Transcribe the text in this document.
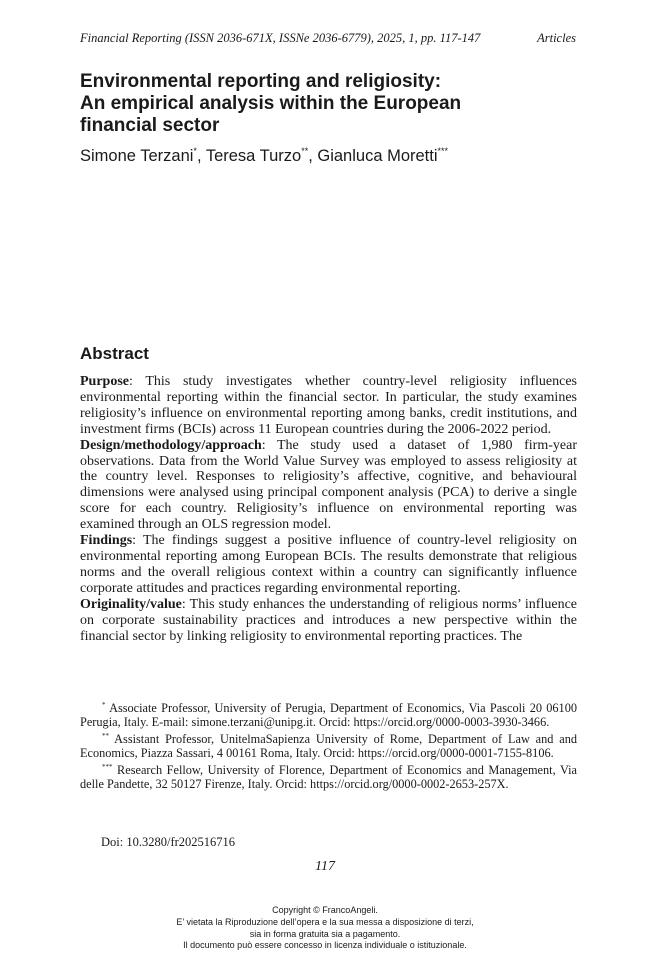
Financial Reporting (ISSN 2036-671X, ISSNe 2036-6779), 2025, 1, pp. 117-147	Articles
Environmental reporting and religiosity:
An empirical analysis within the European
financial sector
Simone Terzani*, Teresa Turzo**, Gianluca Moretti***
Abstract

Purpose: This study investigates whether country-level religiosity influences environmental reporting within the financial sector. In particular, the study examines religiosity’s influence on environmental reporting among banks, credit institutions, and investment firms (BCIs) across 11 European countries during the 2006-2022 period.

Design/methodology/approach: The study used a dataset of 1,980 firm-year observations. Data from the World Value Survey was employed to assess religiosity at the country level. Responses to religiosity’s affective, cognitive, and behavioural dimensions were analysed using principal component analysis (PCA) to derive a single score for each country. Religiosity’s influence on environmental reporting was examined through an OLS regression model.

Findings: The findings suggest a positive influence of country-level religiosity on environmental reporting among European BCIs. The results demonstrate that religious norms and the overall religious context within a country can significantly influence corporate attitudes and practices regarding environmental reporting.

Originality/value: This study enhances the understanding of religious norms’ influence on corporate sustainability practices and introduces a new perspective within the financial sector by linking religiosity to environmental reporting practices. The

* Associate Professor, University of Perugia, Department of Economics, Via Pascoli 20 06100 Perugia, Italy. E-mail: simone.terzani@unipg.it. Orcid: https://orcid.org/0000-0003-3930-3466.

** Assistant Professor, UnitelmaSapienza University of Rome, Department of Law and and Economics, Piazza Sassari, 4 00161 Roma, Italy. Orcid: https://orcid.org/0000-0001-7155-8106.

*** Research Fellow, University of Florence, Department of Economics and Management, Via delle Pandette, 32 50127 Firenze, Italy. Orcid: https://orcid.org/0000-0002-2653-257X.

Doi: 10.3280/fr202516716
117
Copyright © FrancoAngeli.
E’ vietata la Riproduzione dell’opera e la sua messa a disposizione di terzi,
sia in forma gratuita sia a pagamento.
Il documento può essere concesso in licenza individuale o istituzionale.
